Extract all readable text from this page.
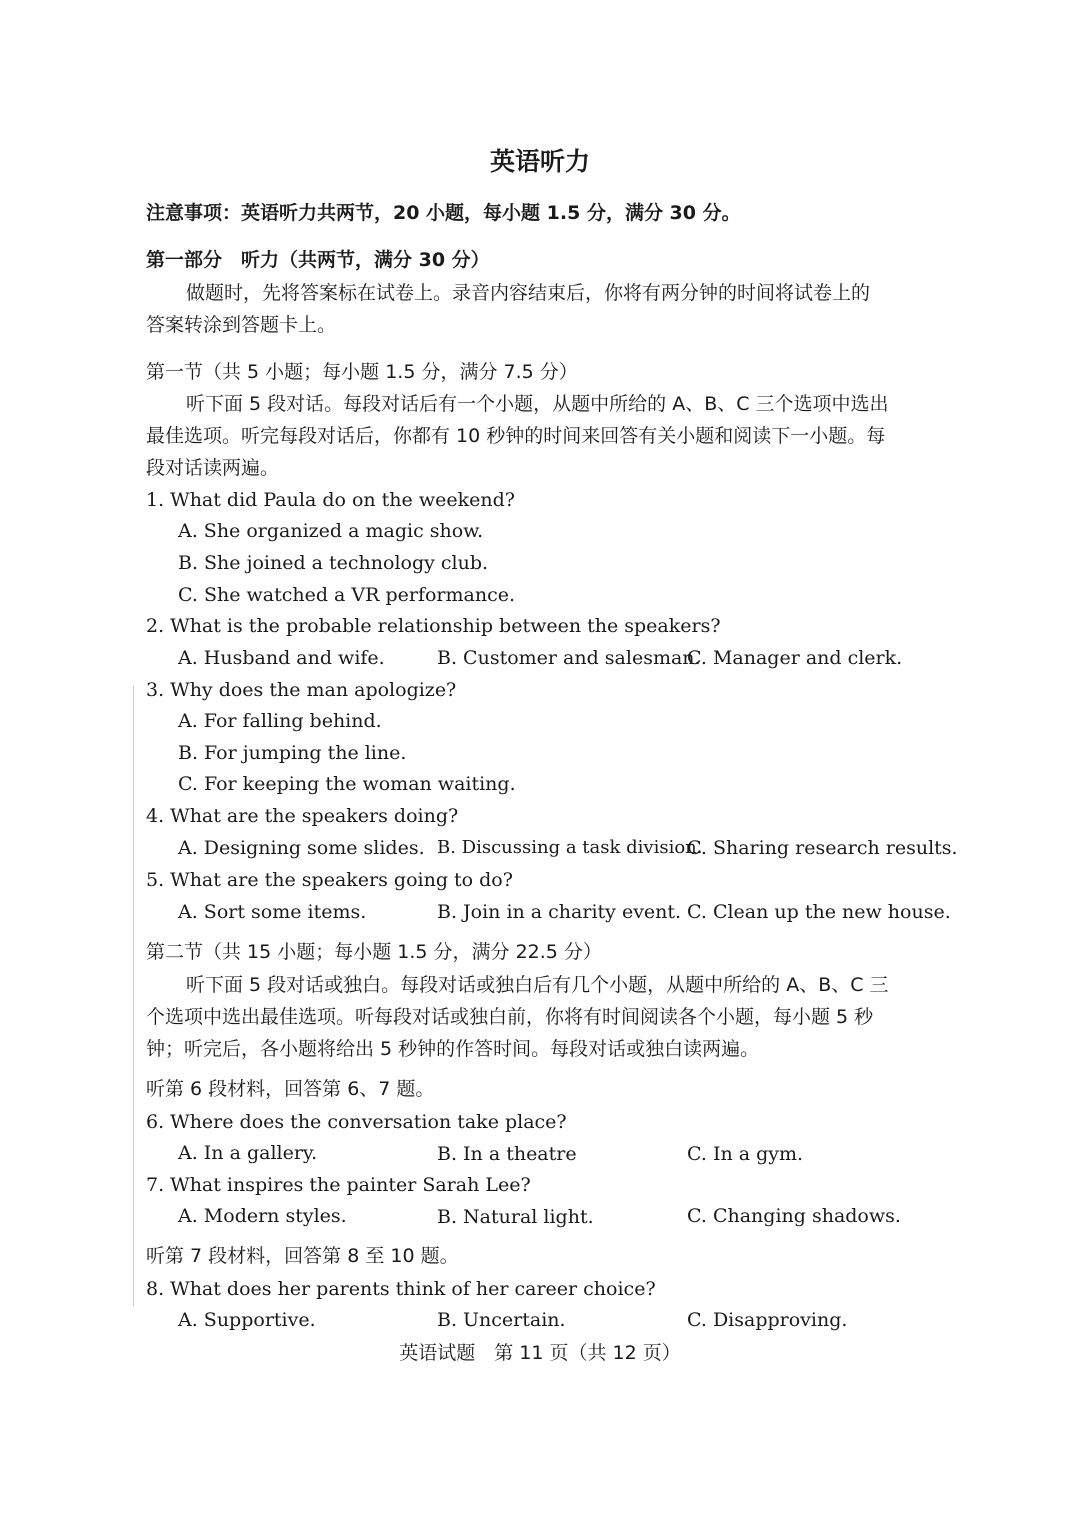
英语听力
注意事项：英语听力共两节，20 小题，每小题 1.5 分，满分 30 分。
第一部分　听力（共两节，满分 30 分）
做题时，先将答案标在试卷上。录音内容结束后，你将有两分钟的时间将试卷上的
答案转涂到答题卡上。
第一节（共 5 小题；每小题 1.5 分，满分 7.5 分）
听下面 5 段对话。每段对话后有一个小题，从题中所给的 A、B、C 三个选项中选出
最佳选项。听完每段对话后，你都有 10 秒钟的时间来回答有关小题和阅读下一小题。每
段对话读两遍。
1. What did Paula do on the weekend?
A. She organized a magic show.
B. She joined a technology club.
C. She watched a VR performance.
2. What is the probable relationship between the speakers?
A. Husband and wife.	B. Customer and salesman.
C. Manager and clerk.
3. Why does the man apologize?
A. For falling behind.
B. For jumping the line.
C. For keeping the woman waiting.
4. What are the speakers doing?
A. Designing some slides. B. Discussing a task division.
C. Sharing research results.
5. What are the speakers going to do?
A. Sort some items.	B. Join in a charity event. C. Clean up the new house.
第二节（共 15 小题；每小题 1.5 分，满分 22.5 分）
听下面 5 段对话或独白。每段对话或独白后有几个小题，从题中所给的 A、B、C 三
个选项中选出最佳选项。听每段对话或独白前，你将有时间阅读各个小题，每小题 5 秒
钟；听完后，各小题将给出 5 秒钟的作答时间。每段对话或独白读两遍。
听第 6 段材料，回答第 6、7 题。
6. Where does the conversation take place?
A. In a gallery.	B. In a theatre	C. In a gym.
7. What inspires the painter Sarah Lee?
A. Modern styles.	B. Natural light.	C. Changing shadows.
听第 7 段材料，回答第 8 至 10 题。
8. What does her parents think of her career choice?
A. Supportive.	B. Uncertain.	C. Disapproving.
英语试题　第 11 页（共 12 页）
